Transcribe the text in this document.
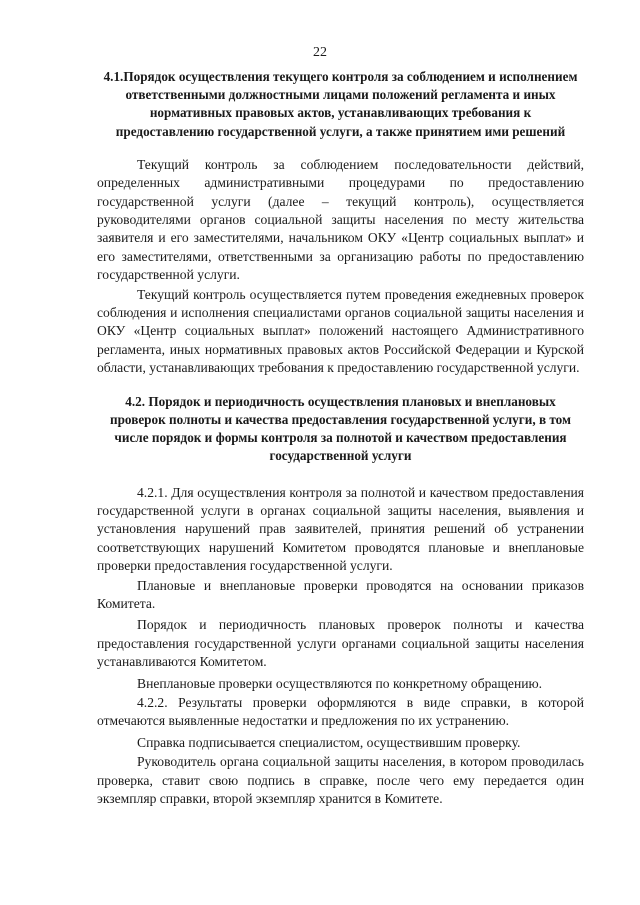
22
4.1.Порядок осуществления текущего контроля за соблюдением и исполнением ответственными должностными лицами положений регламента и иных нормативных правовых актов, устанавливающих требования к предоставлению государственной услуги, а также принятием ими решений

Текущий контроль за соблюдением последовательности действий, определенных административными процедурами по предоставлению государственной услуги (далее – текущий контроль), осуществляется руководителями органов социальной защиты населения по месту жительства заявителя и его заместителями, начальником ОКУ «Центр социальных выплат» и его заместителями, ответственными за организацию работы по предоставлению государственной услуги.

Текущий контроль осуществляется путем проведения ежедневных проверок соблюдения и исполнения специалистами органов социальной защиты населения и ОКУ «Центр социальных выплат» положений настоящего Административного регламента, иных нормативных правовых актов Российской Федерации и Курской области, устанавливающих требования к предоставлению государственной услуги.

4.2. Порядок и периодичность осуществления плановых и внеплановых проверок полноты и качества предоставления государственной услуги, в том числе порядок и формы контроля за полнотой и качеством предоставления государственной услуги

4.2.1. Для осуществления контроля за полнотой и качеством предоставления государственной услуги в органах социальной защиты населения, выявления и установления нарушений прав заявителей, принятия решений об устранении соответствующих нарушений Комитетом проводятся плановые и внеплановые проверки предоставления государственной услуги.

Плановые и внеплановые проверки проводятся на основании приказов Комитета.

Порядок и периодичность плановых проверок полноты и качества предоставления государственной услуги органами социальной защиты населения устанавливаются Комитетом.

Внеплановые проверки осуществляются по конкретному обращению.

4.2.2. Результаты проверки оформляются в виде справки, в которой отмечаются выявленные недостатки и предложения по их устранению.

Справка подписывается специалистом, осуществившим проверку.

Руководитель органа социальной защиты населения, в котором проводилась проверка, ставит свою подпись в справке, после чего ему передается один экземпляр справки, второй экземпляр хранится в Комитете.
